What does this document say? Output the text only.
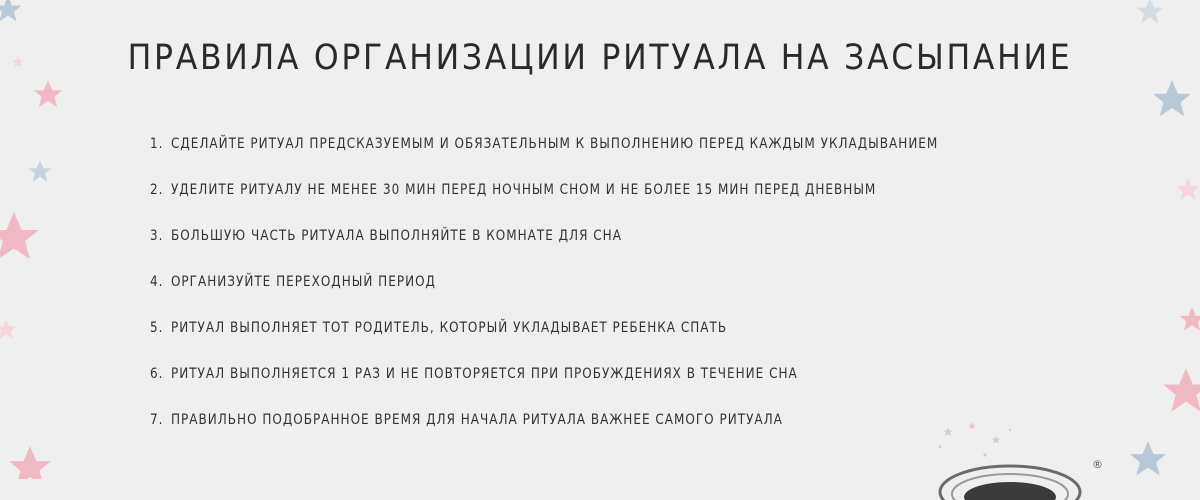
ПРАВИЛА ОРГАНИЗАЦИИ РИТУАЛА НА ЗАСЫПАНИЕ
1. СДЕЛАЙТЕ РИТУАЛ ПРЕДСКАЗУЕМЫМ И ОБЯЗАТЕЛЬНЫМ К ВЫПОЛНЕНИЮ ПЕРЕД КАЖДЫМ УКЛАДЫВАНИЕМ
2. УДЕЛИТЕ РИТУАЛУ НЕ МЕНЕЕ 30 МИН ПЕРЕД НОЧНЫМ СНОМ И НЕ БОЛЕЕ 15 МИН ПЕРЕД ДНЕВНЫМ
3. БОЛЬШУЮ ЧАСТЬ РИТУАЛА ВЫПОЛНЯЙТЕ В КОМНАТЕ ДЛЯ СНА
4. ОРГАНИЗУЙТЕ ПЕРЕХОДНЫЙ ПЕРИОД
5. РИТУАЛ ВЫПОЛНЯЕТ ТОТ РОДИТЕЛЬ, КОТОРЫЙ УКЛАДЫВАЕТ РЕБЕНКА СПАТЬ
6. РИТУАЛ ВЫПОЛНЯЕТСЯ 1 РАЗ И НЕ ПОВТОРЯЕТСЯ ПРИ ПРОБУЖДЕНИЯХ В ТЕЧЕНИЕ СНА
7. ПРАВИЛЬНО ПОДОБРАННОЕ ВРЕМЯ ДЛЯ НАЧАЛА РИТУАЛА ВАЖНЕЕ САМОГО РИТУАЛА
®
